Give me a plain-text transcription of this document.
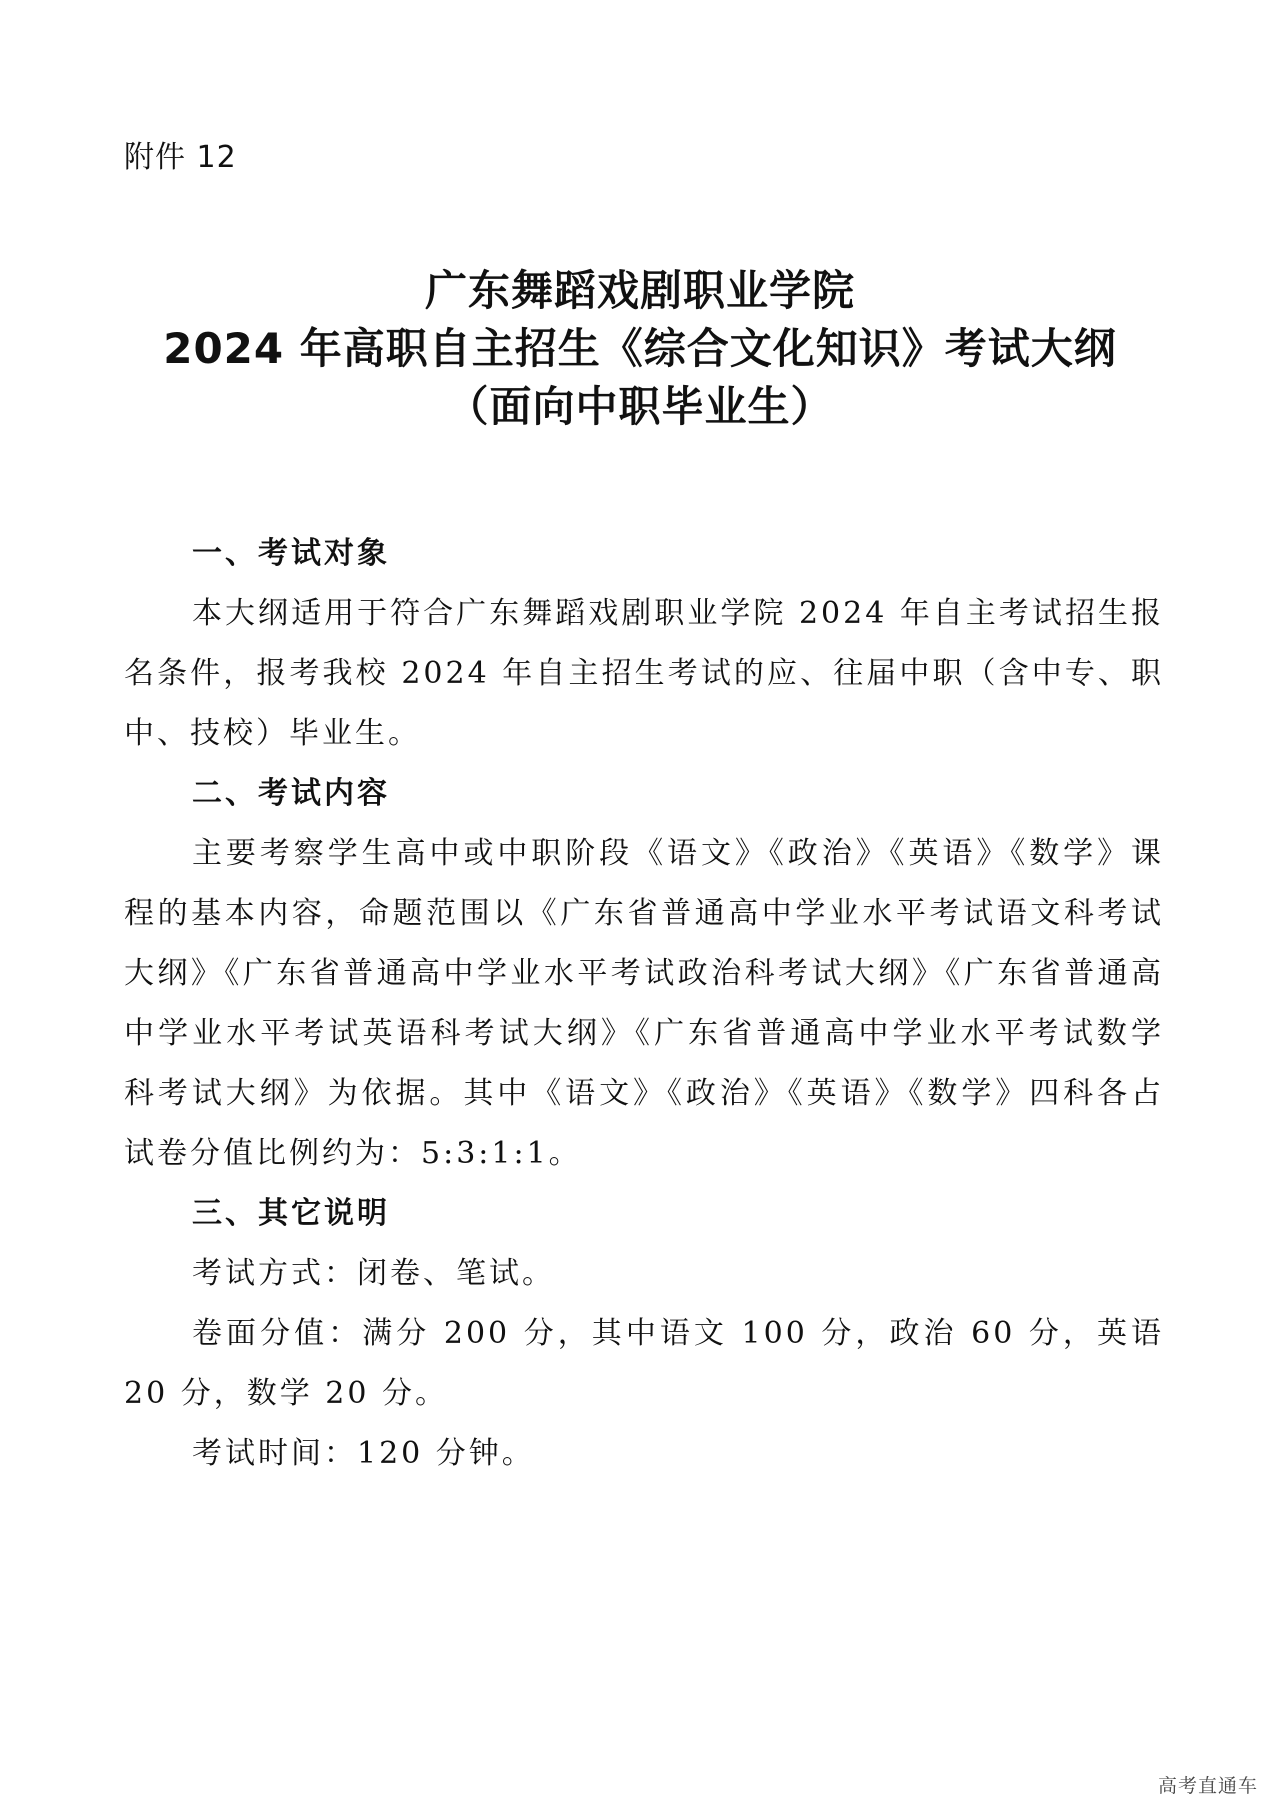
附件 12
广东舞蹈戏剧职业学院
2024 年高职自主招生《综合文化知识》考试大纲
（面向中职毕业生）

一、考试对象

本大纲适用于符合广东舞蹈戏剧职业学院 2024 年自主考试招生报名条件，报考我校 2024 年自主招生考试的应、往届中职（含中专、职中、技校）毕业生。

二、考试内容

主要考察学生高中或中职阶段《语文》《政治》《英语》《数学》课程的基本内容，命题范围以《广东省普通高中学业水平考试语文科考试大纲》《广东省普通高中学业水平考试政治科考试大纲》《广东省普通高中学业水平考试英语科考试大纲》《广东省普通高中学业水平考试数学科考试大纲》为依据。其中《语文》《政治》《英语》《数学》四科各占试卷分值比例约为：5:3:1:1。

三、其它说明

考试方式：闭卷、笔试。

卷面分值：满分 200 分，其中语文 100 分，政治 60 分，英语 20 分，数学 20 分。

考试时间：120 分钟。

高考直通车
